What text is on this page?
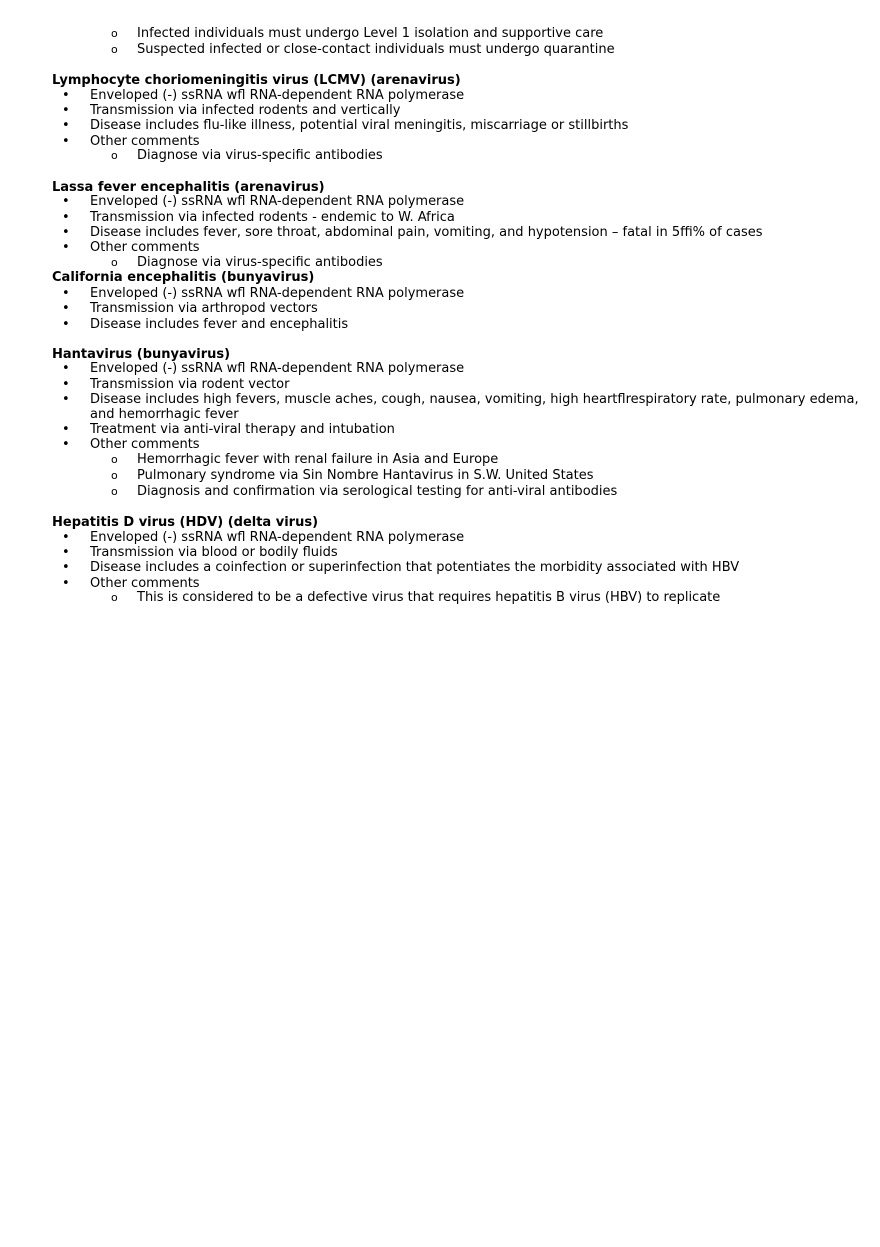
o Infected individuals must undergo Level 1 isolation and supportive care
o Suspected infected or close-contact individuals must undergo quarantine
Lymphocyte choriomeningitis virus (LCMV) (arenavirus)
• Enveloped (-) ssRNA wfl RNA-dependent RNA polymerase
• Transmission via infected rodents and vertically
• Disease includes flu-like illness, potential viral meningitis, miscarriage or stillbirths
• Other comments
o Diagnose via virus-specific antibodies
Lassa fever encephalitis (arenavirus)
• Enveloped (-) ssRNA wfl RNA-dependent RNA polymerase
• Transmission via infected rodents - endemic to W. Africa
• Disease includes fever, sore throat, abdominal pain, vomiting, and hypotension – fatal in 5ffi% of cases
• Other comments
o Diagnose via virus-specific antibodies
California encephalitis (bunyavirus)
• Enveloped (-) ssRNA wfl RNA-dependent RNA polymerase
• Transmission via arthropod vectors
• Disease includes fever and encephalitis
Hantavirus (bunyavirus)
• Enveloped (-) ssRNA wfl RNA-dependent RNA polymerase
• Transmission via rodent vector
• Disease includes high fevers, muscle aches, cough, nausea, vomiting, high heartflrespiratory rate, pulmonary edema,
and hemorrhagic fever
• Treatment via anti-viral therapy and intubation
• Other comments
o Hemorrhagic fever with renal failure in Asia and Europe
o Pulmonary syndrome via Sin Nombre Hantavirus in S.W. United States
o Diagnosis and confirmation via serological testing for anti-viral antibodies
Hepatitis D virus (HDV) (delta virus)
• Enveloped (-) ssRNA wfl RNA-dependent RNA polymerase
• Transmission via blood or bodily fluids
• Disease includes a coinfection or superinfection that potentiates the morbidity associated with HBV
• Other comments
o This is considered to be a defective virus that requires hepatitis B virus (HBV) to replicate
